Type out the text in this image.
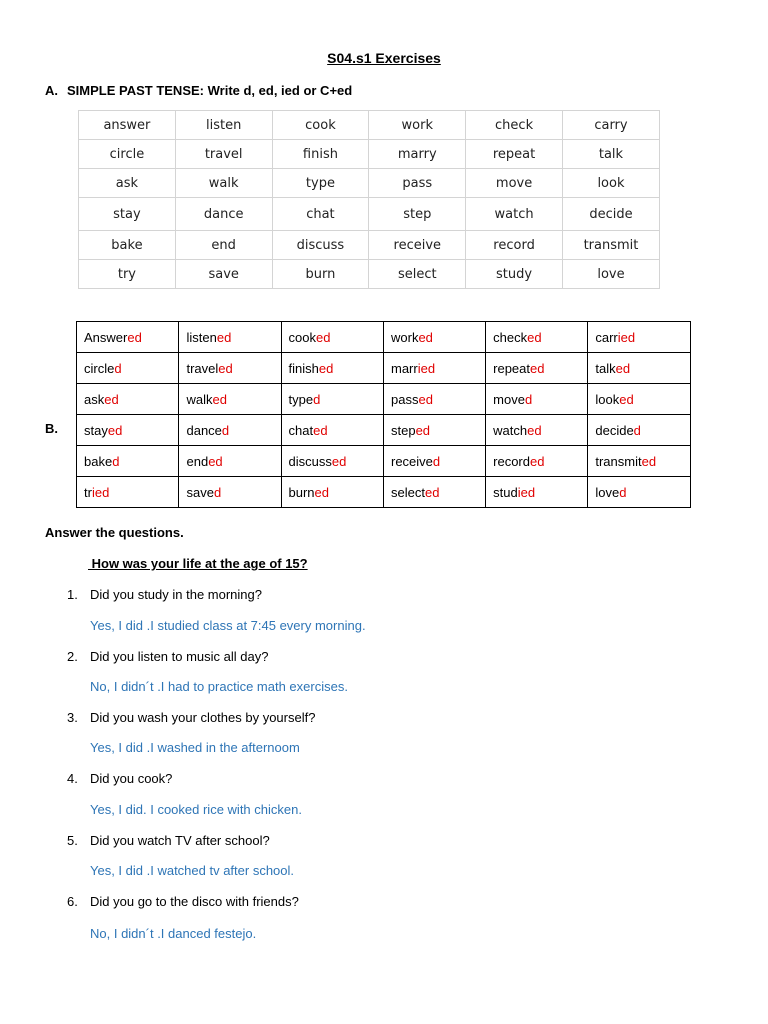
S04.s1 Exercises
A. SIMPLE PAST TENSE: Write d, ed, ied or C+ed
answer	listen	cook	work	check	carry
circle	travel	finish	marry	repeat	talk
ask	walk	type	pass	move	look
stay	dance	chat	step	watch	decide
bake	end	discuss	receive	record	transmit
try	save	burn	select	study	love
B.
Answered	listened	cooked	worked	checked	carried
circled	traveled	finished	married	repeated	talked
asked	walked	typed	passed	moved	looked
stayed	danced	chated	steped	watched	decided
baked	ended	discussed	received	recorded	transmited
tried	saved	burned	selected	studied	loved
Answer the questions.
How was your life at the age of 15?
1. Did you study in the morning?
Yes, I did .I studied class at 7:45 every morning.
2. Did you listen to music all day?
No, I didn´t .I had to practice math exercises.
3. Did you wash your clothes by yourself?
Yes, I did .I washed in the afternoom
4. Did you cook?
Yes, I did. I cooked rice with chicken.
5. Did you watch TV after school?
Yes, I did .I watched tv after school.
6. Did you go to the disco with friends?
No, I didn´t .I danced festejo.
